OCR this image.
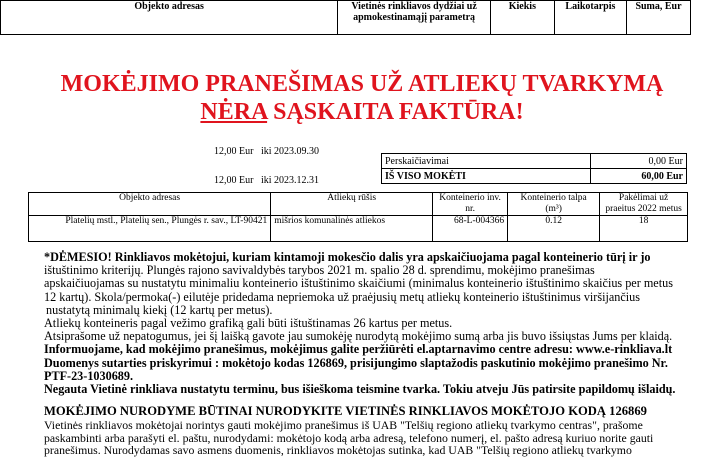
Objekto adresas	Vietinės rinkliavos dydžiai už apmokestinamąjį parametrą	Kiekis	Laikotarpis	Suma, Eur
MOKĖJIMO PRANEŠIMAS UŽ ATLIEKŲ TVARKYMĄ
NĖRA SĄSKAITA FAKTŪRA!
12,00 Eur iki 2023.09.30
12,00 Eur iki 2023.12.31
Perskaičiavimai	0,00 Eur
IŠ VISO MOKĖTI	60,00 Eur
Objekto adresas	Atliekų rūšis	Konteinerio inv. nr.	Konteinerio talpa (m³)	Pakėlimai už praeitus 2022 metus
Platelių mstl., Platelių sen., Plungės r. sav., LT-90421	mišrios komunalinės atliekos	68-L-004366	0.12	18
*DĖMESIO! Rinkliavos mokėtojui, kuriam kintamoji mokesčio dalis yra apskaičiuojama pagal konteinerio tūrį ir jo
ištuštinimo kriterijų. Plungės rajono savivaldybės tarybos 2021 m. spalio 28 d. sprendimu, mokėjimo pranešimas
apskaičiuojamas su nustatytu minimaliu konteinerio ištuštinimo skaičiumi (minimalus konteinerio ištuštinimo skaičius per metus
12 kartų). Skola/permoka(-) eilutėje pridedama nepriemoka už praėjusių metų atliekų konteinerio ištuštinimus viršijančius
nustatytą minimalų kiekį (12 kartų per metus).
Atliekų konteineris pagal vežimo grafiką gali būti ištuštinamas 26 kartus per metus.
Atsiprašome už nepatogumus, jei šį laišką gavote jau sumokėję nurodytą mokėjimo sumą arba jis buvo išsiųstas Jums per klaidą.
Informuojame, kad mokėjimo pranešimus, mokėjimus galite peržiūrėti el.aptarnavimo centre adresu: www.e-rinkliava.lt
Duomenys sutarties priskyrimui : mokėtojo kodas 126869, prisijungimo slaptažodis paskutinio mokėjimo pranešimo Nr.
PTF-23-1030689.
Negauta Vietinė rinkliava nustatytu terminu, bus išieškoma teismine tvarka. Tokiu atveju Jūs patirsite papildomų išlaidų.
MOKĖJIMO NURODYME BŪTINAI NURODYKITE VIETINĖS RINKLIAVOS MOKĖTOJO KODĄ 126869
Vietinės rinkliavos mokėtojai norintys gauti mokėjimo pranešimus iš UAB "Telšių regiono atliekų tvarkymo centras", prašome
paskambinti arba parašyti el. paštu, nurodydami: mokėtojo kodą arba adresą, telefono numerį, el. pašto adresą kuriuo norite gauti
pranešimus. Nurodydamas savo asmens duomenis, rinkliavos mokėtojas sutinka, kad UAB "Telšių regiono atliekų tvarkymo
